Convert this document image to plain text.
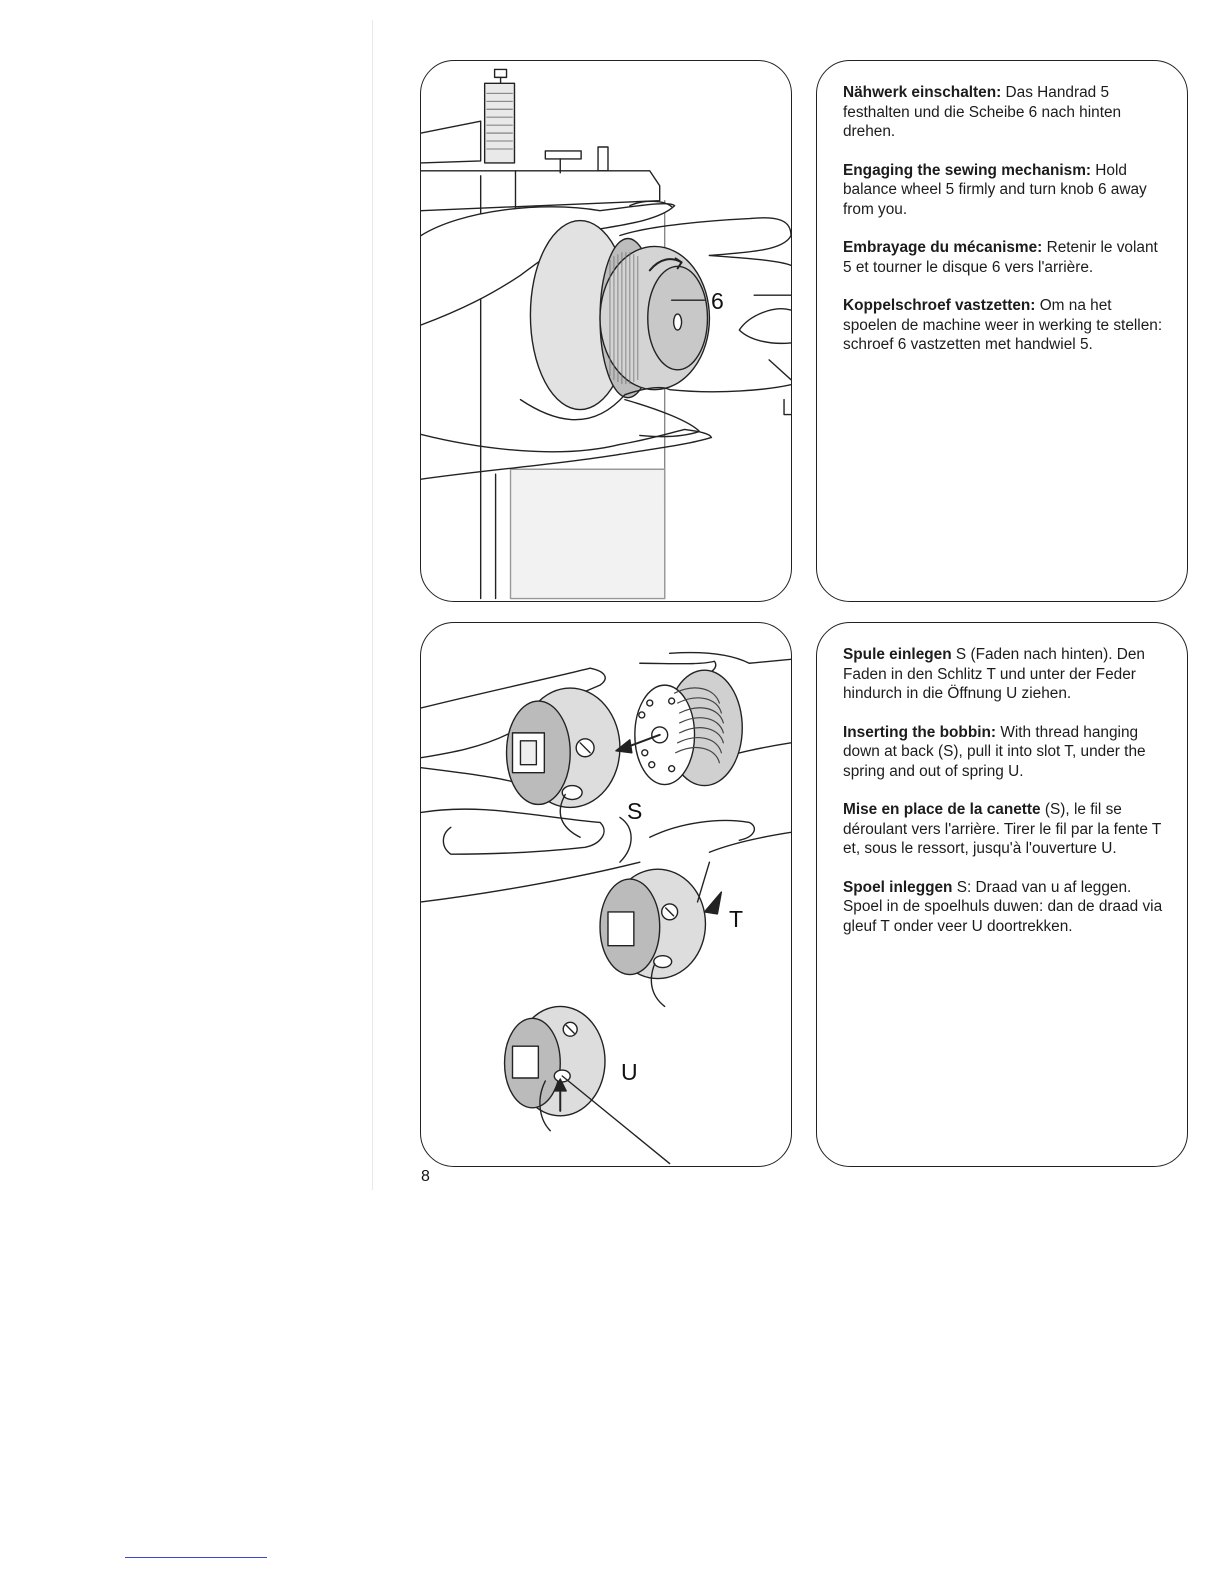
6

Nähwerk einschalten: Das Handrad 5 festhalten und die Scheibe 6 nach hinten drehen.

Engaging the sewing mechanism: Hold balance wheel 5 firmly and turn knob 6 away from you.

Embrayage du mécanisme: Retenir le volant 5 et tourner le disque 6 vers l'arrière.

Koppelschroef vastzetten: Om na het spoelen de machine weer in werking te stellen: schroef 6 vastzetten met handwiel 5.

S
T
U

Spule einlegen S (Faden nach hinten). Den Faden in den Schlitz T und unter der Feder hindurch in die Öffnung U ziehen.

Inserting the bobbin: With thread hanging down at back (S), pull it into slot T, under the spring and out of spring U.

Mise en place de la canette (S), le fil se déroulant vers l'arrière. Tirer le fil par la fente T et, sous le ressort, jusqu'à l'ouverture U.

Spoel inleggen S: Draad van u af leggen. Spoel in de spoelhuls duwen: dan de draad via gleuf T onder veer U doortrekken.

8
